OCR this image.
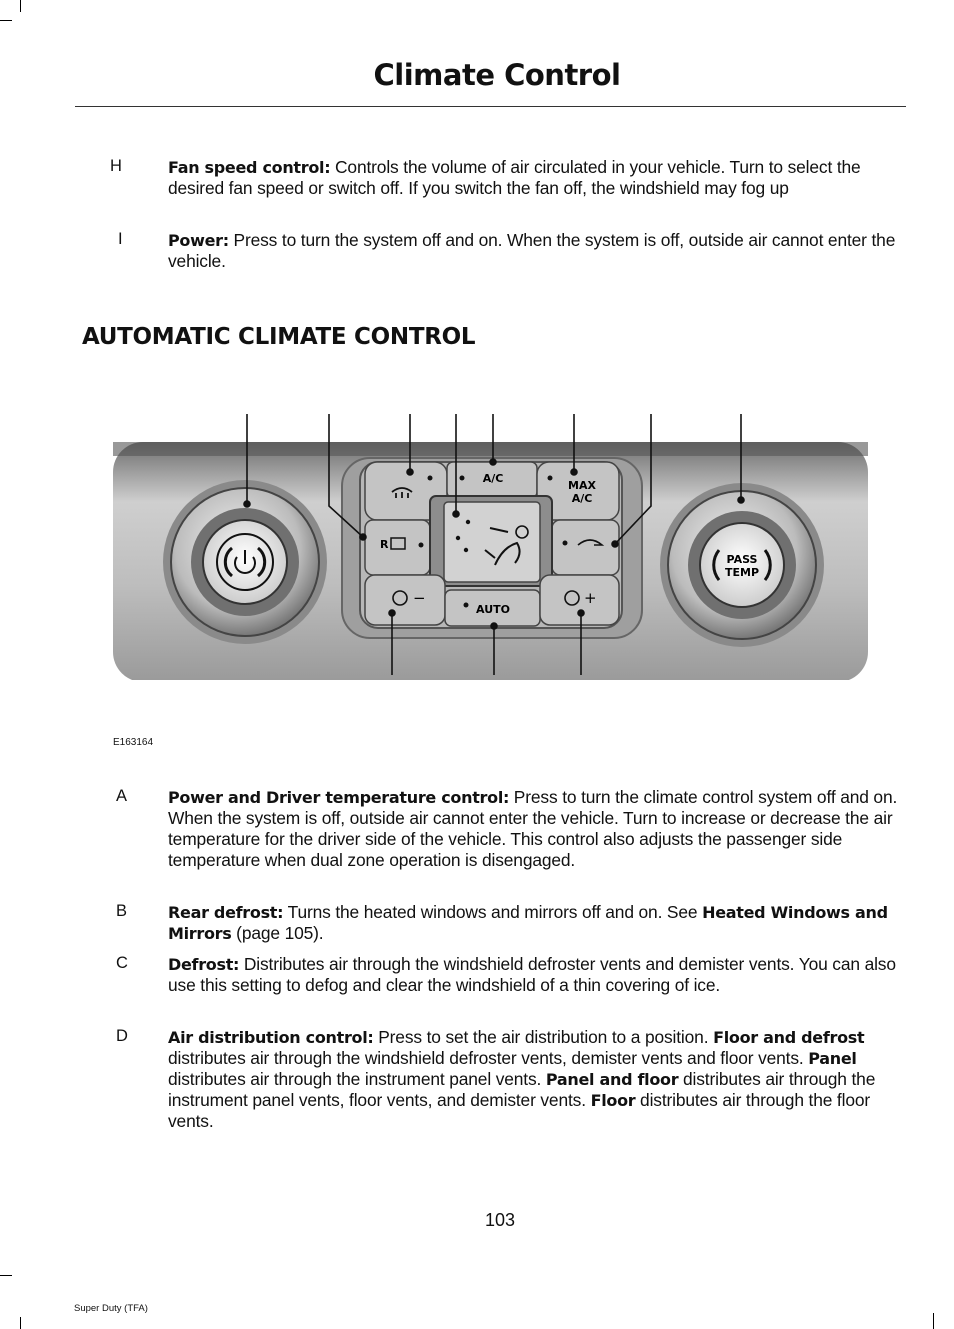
Climate Control
H	Fan speed control: Controls the volume of air circulated in your vehicle. Turn to select the desired fan speed or switch off. If you switch the fan off, the windshield may fog up
I	Power: Press to turn the system off and on. When the system is off, outside air cannot enter the vehicle.
AUTOMATIC CLIMATE CONTROL
PASS
TEMP
A/C
MAX
A/C
R
−
AUTO
+
E163164
A	Power and Driver temperature control: Press to turn the climate control system off and on. When the system is off, outside air cannot enter the vehicle. Turn to increase or decrease the air temperature for the driver side of the vehicle. This control also adjusts the passenger side temperature when dual zone operation is disengaged.
B	Rear defrost: Turns the heated windows and mirrors off and on. See Heated Windows and Mirrors (page 105).
C	Defrost: Distributes air through the windshield defroster vents and demister vents. You can also use this setting to defog and clear the windshield of a thin covering of ice.
D	Air distribution control: Press to set the air distribution to a position. Floor and defrost distributes air through the windshield defroster vents, demister vents and floor vents. Panel distributes air through the instrument panel vents. Panel and floor distributes air through the instrument panel vents, floor vents, and demister vents. Floor distributes air through the floor vents.
103
Super Duty (TFA)
